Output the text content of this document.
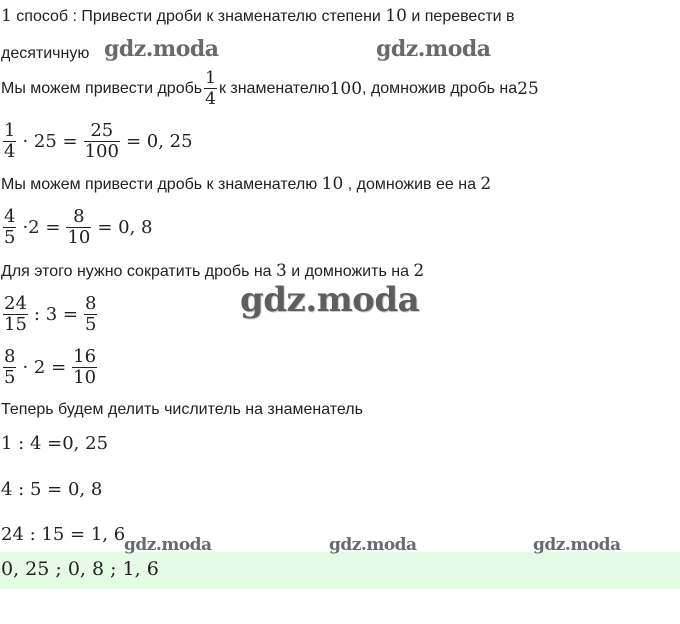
1 способ : Привести дроби к знаменателю степени 10 и перевести в
десятичную
Мы можем привести дробь $\frac{1}{4}$ к знаменателю 100 , домножив дробь на 25
$\frac{1}{4} \cdot 25 = \frac{25}{100} = 0$, 25
Мы можем привести дробь к знаменателю 10 , домножив ее на 2
$\frac{4}{5} \cdot 2 = \frac{8}{10} = 0$, 8
Для этого нужно сократить дробь на 3 и домножить на 2
$\frac{24}{15}$ : $3 = \frac{8}{5}$
$\frac{8}{5} \cdot 2 = \frac{16}{10}$
Теперь будем делить числитель на знаменатель
1 : 4 =0, 25
4 : 5 = 0, 8
24 : 15 = 1, 6
0, 25 ; 0, 8 ; 1, 6
gdz.moda	gdz.moda
gdz.moda
gdz.moda	gdz.moda	gdz.moda
